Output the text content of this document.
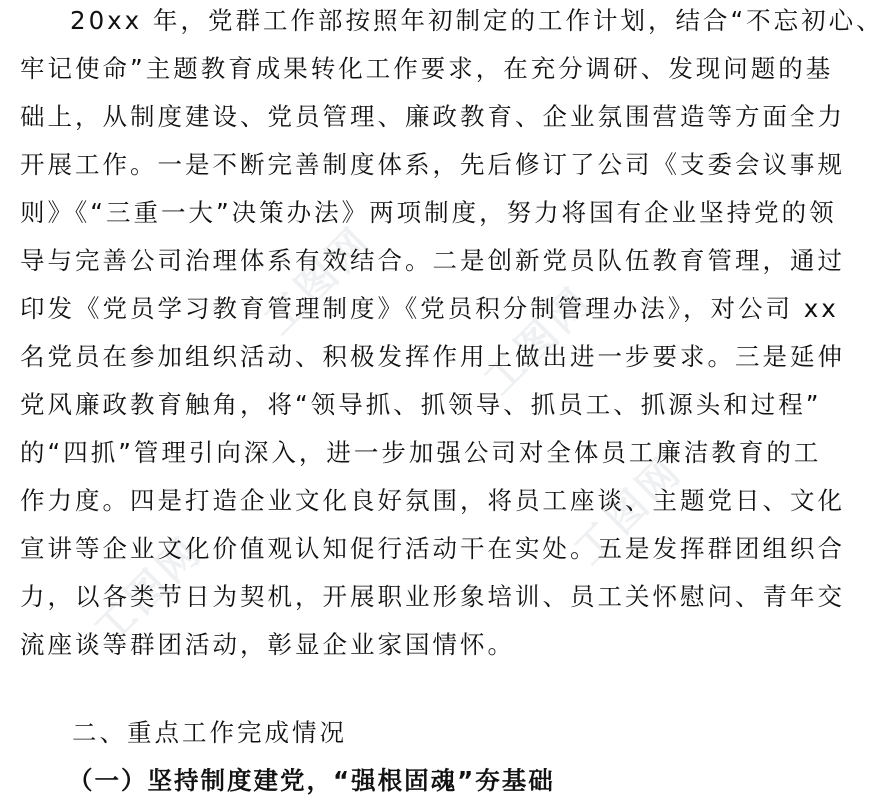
工图网 工图网
工图网
工图网
20xx 年，党群工作部按照年初制定的工作计划，结合“不忘初心、
牢记使命”主题教育成果转化工作要求，在充分调研、发现问题的基
础上，从制度建设、党员管理、廉政教育、企业氛围营造等方面全力
开展工作。一是不断完善制度体系，先后修订了公司《支委会议事规
则》《“三重一大”决策办法》两项制度，努力将国有企业坚持党的领
导与完善公司治理体系有效结合。二是创新党员队伍教育管理，通过
印发《党员学习教育管理制度》《党员积分制管理办法》，对公司 xx
名党员在参加组织活动、积极发挥作用上做出进一步要求。三是延伸
党风廉政教育触角，将“领导抓、抓领导、抓员工、抓源头和过程”
的“四抓”管理引向深入，进一步加强公司对全体员工廉洁教育的工
作力度。四是打造企业文化良好氛围，将员工座谈、主题党日、文化
宣讲等企业文化价值观认知促行活动干在实处。五是发挥群团组织合
力，以各类节日为契机，开展职业形象培训、员工关怀慰问、青年交
流座谈等群团活动，彰显企业家国情怀。
二、重点工作完成情况
（一）坚持制度建党，“强根固魂”夯基础
